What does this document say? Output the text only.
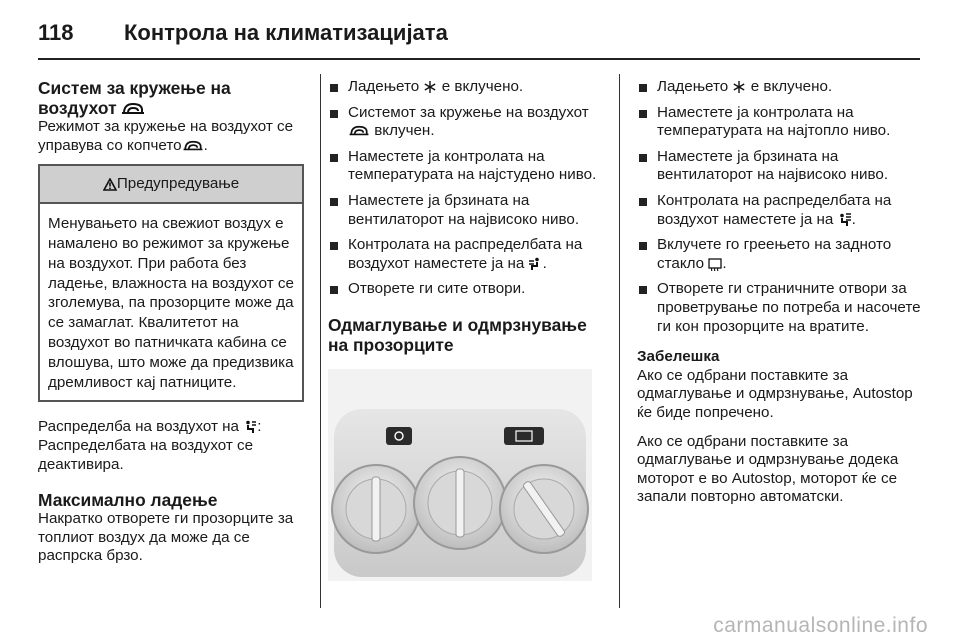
118 Контрола на климатизацијата
Систем за кружење на воздухот

Режимот за кружење на воздухот се управува со копчето .

Предупредување
Менувањето на свежиот воздух е намалено во режимот за кружење на воздухот. При работа без ладење, влажноста на воздухот се зголемува, па прозорците може да се замаглат. Квалитетот на воздухот во патничката кабина се влошува, што може да предизвика дремливост кај патниците.

Распределба на воздухот на : Распределбата на воздухот се деактивира.

Максимално ладење

Накратко отворете ги прозорците за топлиот воздух да може да се распрска брзо.

Ладењето е вклучено.
Системот за кружење на воздухот  вклучен.
Наместете ја контролата на температурата на најстудено ниво.
Наместете ја брзината на вентилаторот на највисоко ниво.
Контролата на распределбата на воздухот наместете ја на .
Отворете ги сите отвори.
Одмаглување и одмрзнување на прозорците
Ладењето е вклучено.
Наместете ја контролата на температурата на најтопло ниво.
Наместете ја брзината на вентилаторот на највисоко ниво.
Контролата на распределбата на воздухот наместете ја на .
Вклучете го греењето на задното стакло .
Отворете ги страничните отвори за проветрување по потреба и насочете ги кон прозорците на вратите.

Забелешка

Ако се одбрани поставките за одмаглување и одмрзнување, Autostop ќе биде попречено.

Ако се одбрани поставките за одмаглување и одмрзнување додека моторот е во Autostop, моторот ќе се запали повторно автоматски.

carmanualsonline.info
